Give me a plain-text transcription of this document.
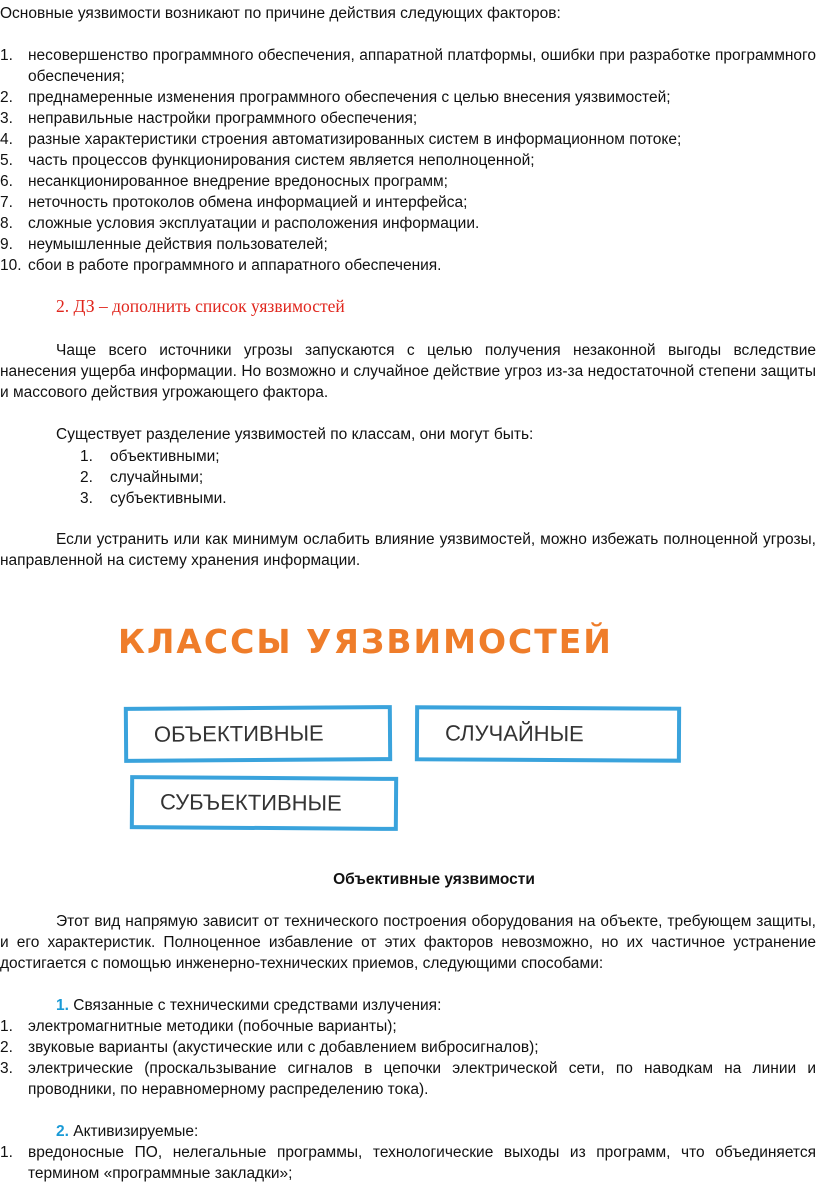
Основные уязвимости возникают по причине действия следующих факторов:

1. несовершенство программного обеспечения, аппаратной платформы, ошибки при разработке программного обеспечения;
2. преднамеренные изменения программного обеспечения с целью внесения уязвимостей;
3. неправильные настройки программного обеспечения;
4. разные характеристики строения автоматизированных систем в информационном потоке;
5. часть процессов функционирования систем является неполноценной;
6. несанкционированное внедрение вредоносных программ;
7. неточность протоколов обмена информацией и интерфейса;
8. сложные условия эксплуатации и расположения информации.
9. неумышленные действия пользователей;
10. сбои в работе программного и аппаратного обеспечения.

2. ДЗ – дополнить список уязвимостей

Чаще всего источники угрозы запускаются с целью получения незаконной выгоды вследствие нанесения ущерба информации. Но возможно и случайное действие угроз из-за недостаточной степени защиты и массового действия угрожающего фактора.

Существует разделение уязвимостей по классам, они могут быть:

1. объективными;
2. случайными;
3. субъективными.

Если устранить или как минимум ослабить влияние уязвимостей, можно избежать полноценной угрозы, направленной на систему хранения информации.

КЛАССЫ УЯЗВИМОСТЕЙ
ОБЪЕКТИВНЫЕ	СЛУЧАЙНЫЕ
СУБЪЕКТИВНЫЕ

Объективные уязвимости

Этот вид напрямую зависит от технического построения оборудования на объекте, требующем защиты, и его характеристик. Полноценное избавление от этих факторов невозможно, но их частичное устранение достигается с помощью инженерно-технических приемов, следующими способами:

1. Связанные с техническими средствами излучения:

1. электромагнитные методики (побочные варианты);
2. звуковые варианты (акустические или с добавлением вибросигналов);
3. электрические (проскальзывание сигналов в цепочки электрической сети, по наводкам на линии и проводники, по неравномерному распределению тока).

2. Активизируемые:

1. вредоносные ПО, нелегальные программы, технологические выходы из программ, что объединяется термином «программные закладки»;
